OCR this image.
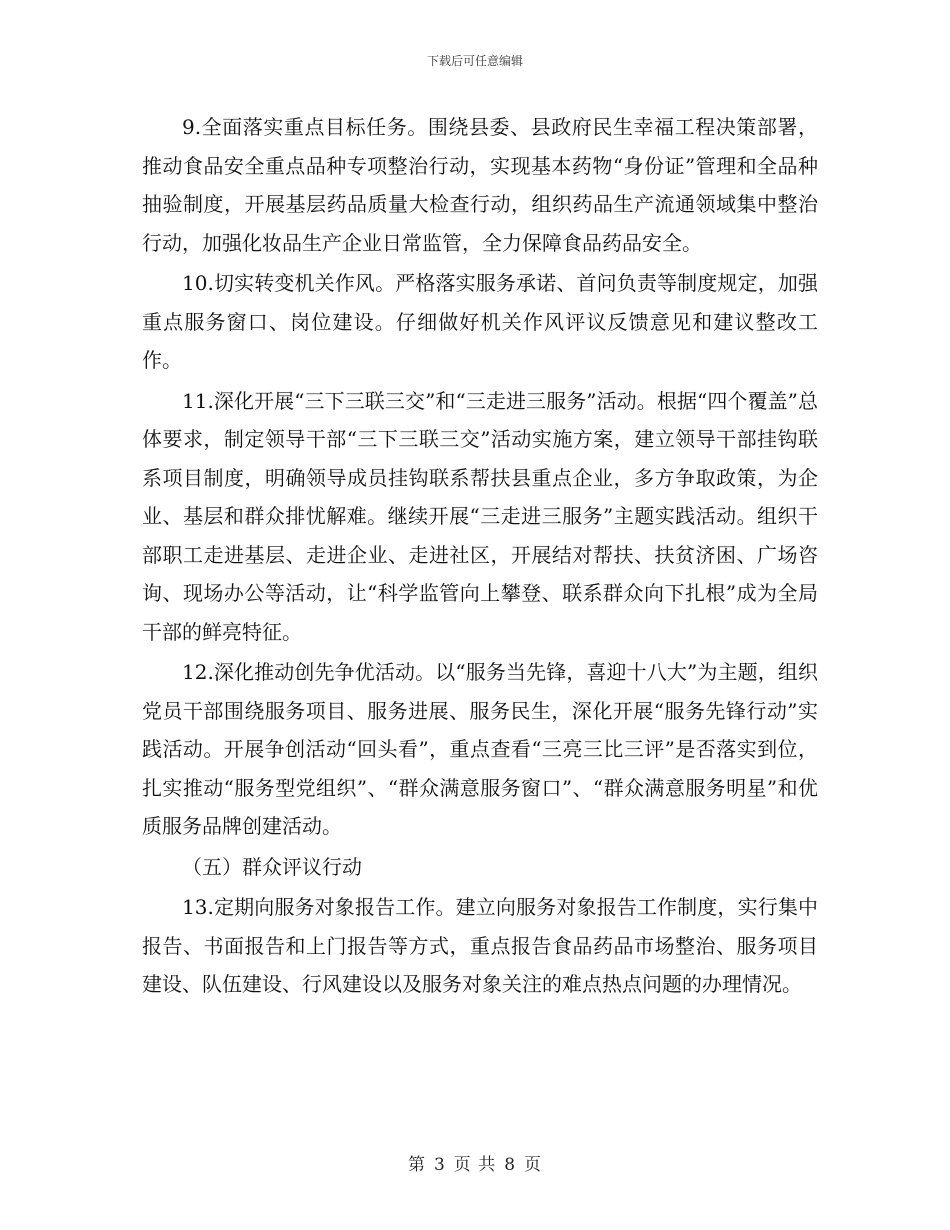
下载后可任意编辑

9.全面落实重点目标任务。围绕县委、县政府民生幸福工程决策部署，推动食品安全重点品种专项整治行动，实现基本药物“身份证”管理和全品种抽验制度，开展基层药品质量大检查行动，组织药品生产流通领域集中整治行动，加强化妆品生产企业日常监管，全力保障食品药品安全。

10.切实转变机关作风。严格落实服务承诺、首问负责等制度规定，加强重点服务窗口、岗位建设。仔细做好机关作风评议反馈意见和建议整改工作。

11.深化开展“三下三联三交”和“三走进三服务”活动。根据“四个覆盖”总体要求，制定领导干部“三下三联三交”活动实施方案，建立领导干部挂钩联系项目制度，明确领导成员挂钩联系帮扶县重点企业，多方争取政策，为企业、基层和群众排忧解难。继续开展“三走进三服务”主题实践活动。组织干部职工走进基层、走进企业、走进社区，开展结对帮扶、扶贫济困、广场咨询、现场办公等活动，让“科学监管向上攀登、联系群众向下扎根”成为全局干部的鲜亮特征。

12.深化推动创先争优活动。以“服务当先锋，喜迎十八大”为主题，组织党员干部围绕服务项目、服务进展、服务民生，深化开展“服务先锋行动”实践活动。开展争创活动“回头看”，重点查看“三亮三比三评”是否落实到位，扎实推动“服务型党组织”、“群众满意服务窗口”、“群众满意服务明星”和优质服务品牌创建活动。

（五）群众评议行动

13.定期向服务对象报告工作。建立向服务对象报告工作制度，实行集中报告、书面报告和上门报告等方式，重点报告食品药品市场整治、服务项目建设、队伍建设、行风建设以及服务对象关注的难点热点问题的办理情况。

第 3 页 共 8 页
